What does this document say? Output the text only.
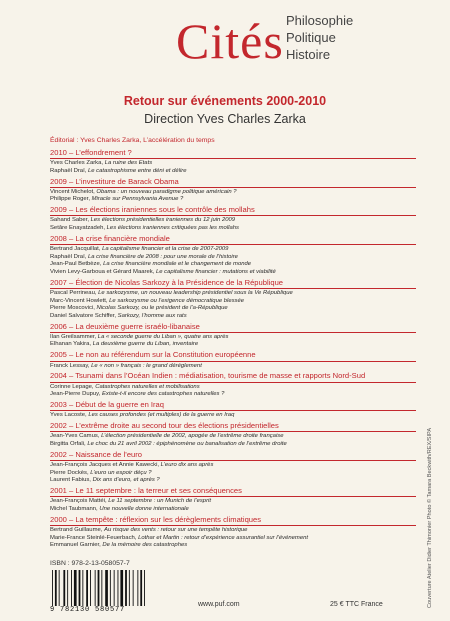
Cités Philosophie
Politique
Histoire
Retour sur événements 2000-2010
Direction Yves Charles Zarka
Éditorial : Yves Charles Zarka, L’accélération du temps
2010 – L’effondrement ?
Yves Charles Zarka, La ruine des États
Raphaël Draï, Le catastrophisme entre déni et délire
2009 – L’investiture de Barack Obama
Vincent Michelot, Obama : un nouveau paradigme politique américain ?
Philippe Roger, Miracle sur Pennsylvania Avenue ?
2009 – Les élections iraniennes sous le contrôle des mollahs
Sahand Saber, Les élections présidentielles iraniennes du 12 juin 2009
Setâre Enayatzadeh, Les élections iraniennes critiquées pas les mollahs
2008 – La crise financière mondiale
Bertrand Jacquillat, La capitalisme financier et la crise de 2007-2009
Raphaël Draï, La crise financière de 2008 : pour une morale de l’histoire
Jean-Paul Betbèze, La crise financière mondiale et le changement de monde
Vivien Levy-Garboua et Gérard Maarek, Le capitalisme financier : mutations et viabilité
2007 – Élection de Nicolas Sarkozy à la Présidence de la République
Pascal Perrineau, Le sarkozysme, un nouveau leadership présidentiel sous la Ve République
Marc-Vincent Howlett, Le sarkozysme ou l’exigence démocratique blessée
Pierre Moscovici, Nicolas Sarkozy, ou le président de l’a-République
Daniel Salvatore Schiffer, Sarkozy, l’homme aux rats
2006 – La deuxième guerre israélo-libanaise
Ilan Greilsammer, La « seconde guerre du Liban », quatre ans après
Elhanan Yakira, La deuxième guerre du Liban, inventaire
2005 – Le non au référendum sur la Constitution européenne
Franck Lessay, Le « non » français : le grand déréglement
2004 – Tsunami dans l’Océan Indien : médiatisation, tourisme de masse et rapports Nord-Sud
Corinne Lepage, Catastrophes naturelles et mobilisations
Jean-Pierre Dupuy, Existe-t-il encore des catastrophes naturelles ?
2003 – Début de la guerre en Iraq
Yves Lacoste, Les causes profondes (et multiples) de la guerre en Iraq
2002 – L’extrême droite au second tour des élections présidentielles
Jean-Yves Camus, L’élection présidentielle de 2002, apogée de l’extrême droite française
Birgitta Orfali, Le choc du 21 avril 2002 : épiphénomène ou banalisation de l’extrême droite
2002 – Naissance de l’euro
Jean-François Jacques et Annie Kawecki, L’euro dix ans après
Pierre Dockès, L’euro un espoir déçu ?
Laurent Fabius, Dix ans d’euro, et après ?
2001 – Le 11 septembre : la terreur et ses conséquences
Jean-François Mattéi, Le 11 septembre : un Munich de l’esprit
Michel Taubmann, Une nouvelle donne internationale
2000 – La tempête : réflexion sur les dérèglements climatiques
Bertrand Guillaume, Au risque des vents : retour sur une tempête historique
Marie-France Steinlé-Feuerbach, Lothar et Martin : retour d’expérience assurantiel sur l’événement
Emmanuel Garnier, De la mémoire des catastrophes
ISBN : 978-2-13-058057-7
9 782130 580577
www.puf.com	25 € TTC France	Couverture Atelier Didier Thimonier Photo © Tamara Beckwith/REX/SIPA
